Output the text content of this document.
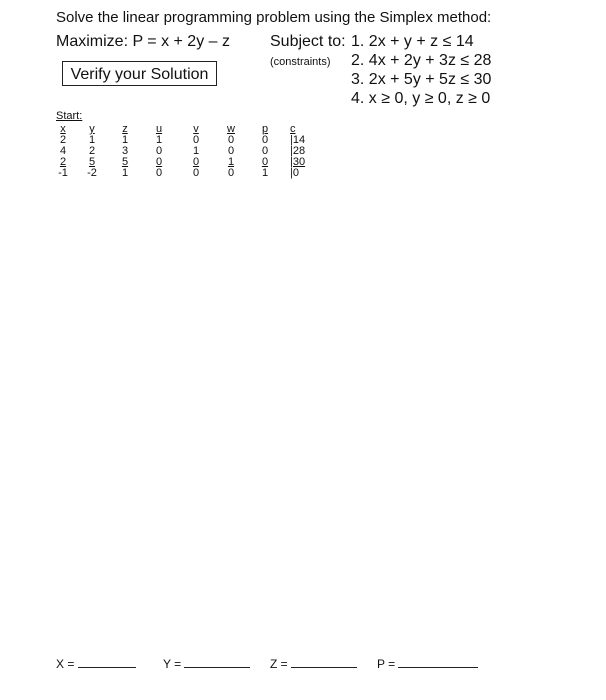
Solve the linear programming problem using the Simplex method:
Maximize: P = x + 2y – z	Subject to:
(constraints)
1. 2x + y + z ≤ 14
2. 4x + 2y + 3z ≤ 28
3. 2x + 5y + 5z ≤ 30
4. x ≥ 0, y ≥ 0, z ≥ 0
Verify your Solution
Start:
x	y	z	u	v	w	p	c
2	1	1	1	0	0	0	|14
4	2	3	0	1	0	0	|28
2	5	5	0	0	1	0	|30
-1	-2	1	0	0	0	1	|0
X =	Y =	Z =	P =
